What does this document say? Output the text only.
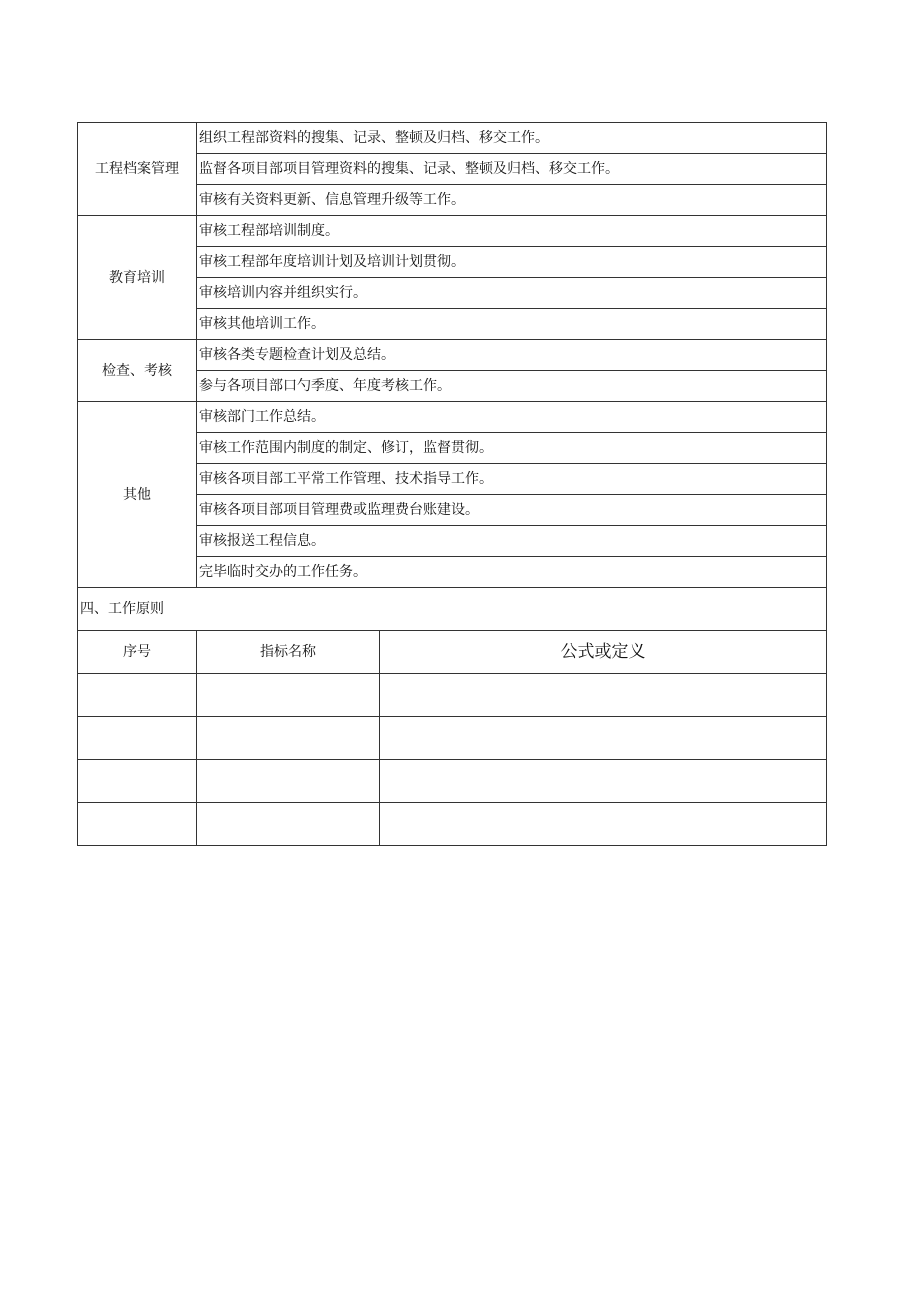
工程档案管理	组织工程部资料的搜集、记录、整顿及归档、移交工作。	
	监督各项目部项目管理资料的搜集、记录、整顿及归档、移交工作。	
	审核有关资料更新、信息管理升级等工作。	
教育培训	审核工程部培训制度。	
	审核工程部年度培训计划及培训计划贯彻。	
	审核培训内容并组织实行。	
	审核其他培训工作。	
检查、考核	审核各类专题检查计划及总结。	
	参与各项目部口勺季度、年度考核工作。	
其他	审核部门工作总结。	
	审核工作范围内制度的制定、修订，监督贯彻。	
	审核各项目部工平常工作管理、技术指导工作。	
	审核各项目部项目管理费或监理费台账建设。	
	审核报送工程信息。	
	完毕临时交办的工作任务。	
四、工作原则		
序号	指标名称	公式或定义
